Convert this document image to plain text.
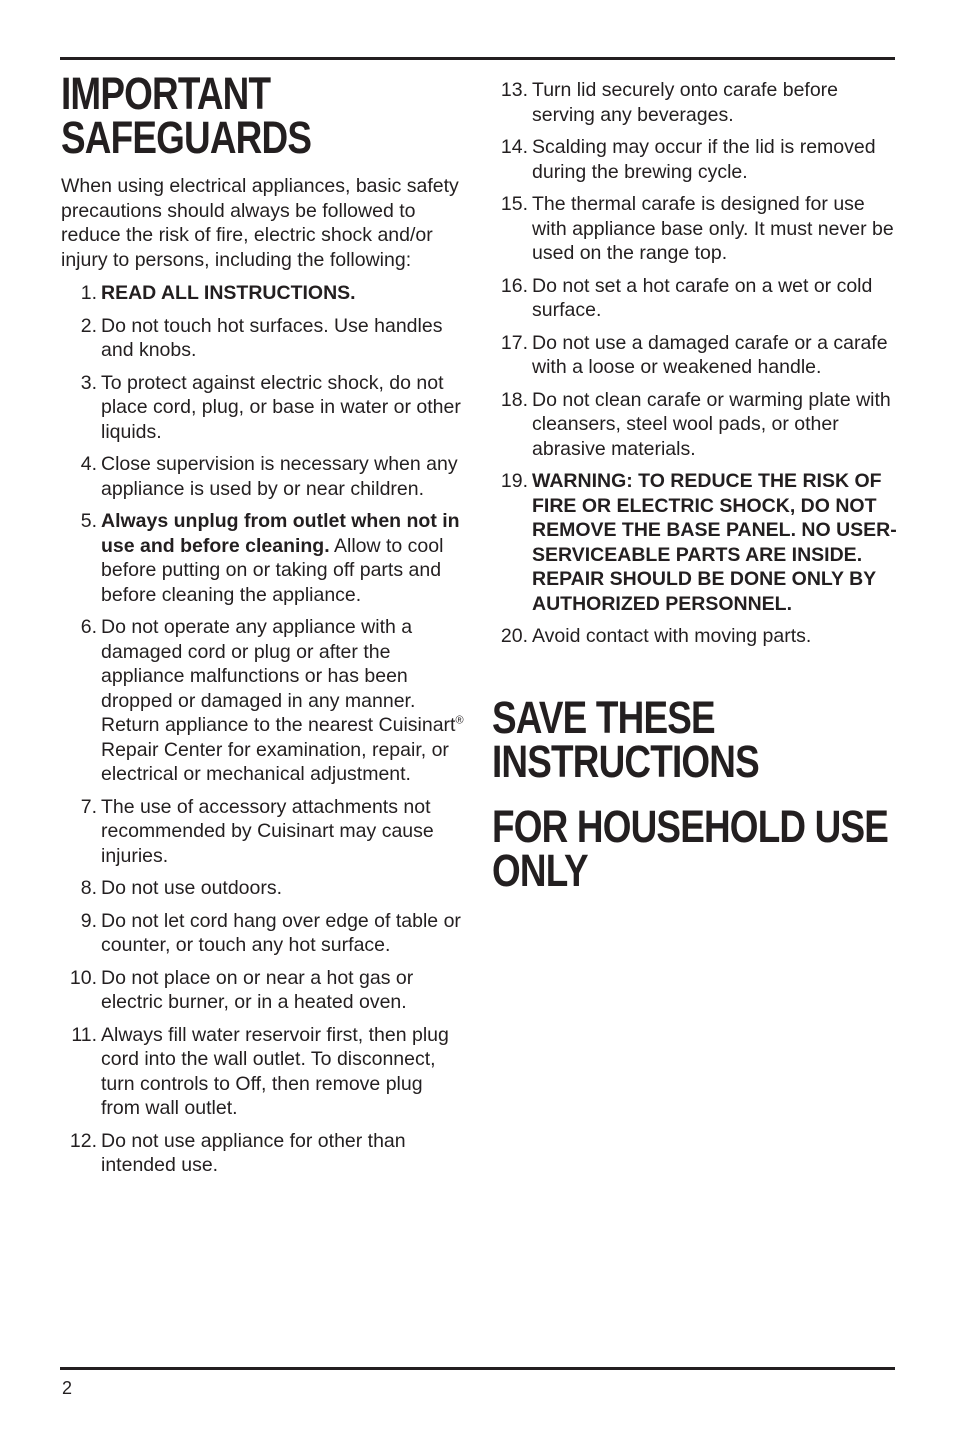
IMPORTANT
SAFEGUARDS

When using electrical appliances, basic safety precautions should always be followed to reduce the risk of fire, electric shock and/or injury to persons, including the following:

1. READ ALL INSTRUCTIONS.
2. Do not touch hot surfaces. Use handles and knobs.
3. To protect against electric shock, do not place cord, plug, or base in water or other liquids.
4. Close supervision is necessary when any appliance is used by or near children.
5. Always unplug from outlet when not in use and before cleaning. Allow to cool before putting on or taking off parts and before cleaning the appliance.
6. Do not operate any appliance with a damaged cord or plug or after the appliance malfunctions or has been dropped or damaged in any manner. Return appliance to the nearest Cuisinart® Repair Center for examination, repair, or electrical or mechanical adjustment.
7. The use of accessory attachments not recommended by Cuisinart may cause injuries.
8. Do not use outdoors.
9. Do not let cord hang over edge of table or counter, or touch any hot surface.
10. Do not place on or near a hot gas or electric burner, or in a heated oven.
11. Always fill water reservoir first, then plug cord into the wall outlet. To disconnect, turn controls to Off, then remove plug from wall outlet.
12. Do not use appliance for other than intended use.
13. Turn lid securely onto carafe before serving any beverages.
14. Scalding may occur if the lid is removed during the brewing cycle.
15. The thermal carafe is designed for use with appliance base only. It must never be used on the range top.
16. Do not set a hot carafe on a wet or cold surface.
17. Do not use a damaged carafe or a carafe with a loose or weakened handle.
18. Do not clean carafe or warming plate with cleansers, steel wool pads, or other abrasive materials.
19. WARNING: TO REDUCE THE RISK OF FIRE OR ELECTRIC SHOCK, DO NOT REMOVE THE BASE PANEL. NO USER-SERVICEABLE PARTS ARE INSIDE. REPAIR SHOULD BE DONE ONLY BY AUTHORIZED PERSONNEL.
20. Avoid contact with moving parts.
SAVE THESE
INSTRUCTIONS
FOR HOUSEHOLD USE
ONLY
2
